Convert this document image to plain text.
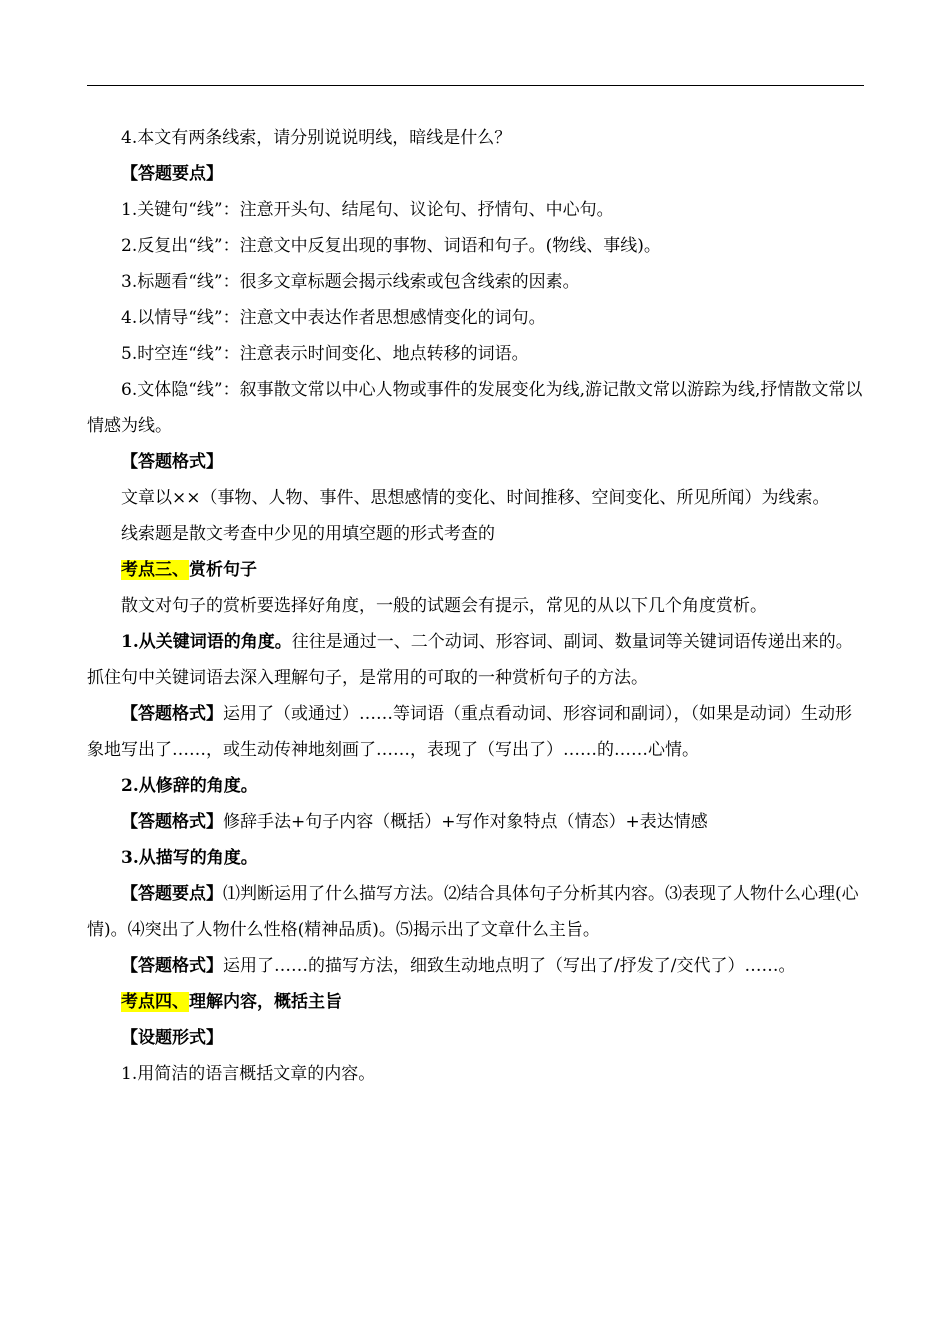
4.本文有两条线索，请分别说说明线，暗线是什么？

【答题要点】

1.关键句“线”：注意开头句、结尾句、议论句、抒情句、中心句。

2.反复出“线”：注意文中反复出现的事物、词语和句子。(物线、事线)。

3.标题看“线”：很多文章标题会揭示线索或包含线索的因素。

4.以情导“线”：注意文中表达作者思想感情变化的词句。

5.时空连“线”：注意表示时间变化、地点转移的词语。

6.文体隐“线”：叙事散文常以中心人物或事件的发展变化为线,游记散文常以游踪为线,抒情散文常以情感为线。

【答题格式】

文章以××（事物、人物、事件、思想感情的变化、时间推移、空间变化、所见所闻）为线索。

线索题是散文考查中少见的用填空题的形式考查的

考点三、赏析句子

散文对句子的赏析要选择好角度，一般的试题会有提示，常见的从以下几个角度赏析。

1.从关键词语的角度。往往是通过一、二个动词、形容词、副词、数量词等关键词语传递出来的。抓住句中关键词语去深入理解句子，是常用的可取的一种赏析句子的方法。

【答题格式】运用了（或通过）……等词语（重点看动词、形容词和副词），（如果是动词）生动形象地写出了……，或生动传神地刻画了……，表现了（写出了）……的……心情。

2.从修辞的角度。

【答题格式】修辞手法+句子内容（概括）+写作对象特点（情态）+表达情感

3.从描写的角度。

【答题要点】⑴判断运用了什么描写方法。⑵结合具体句子分析其内容。⑶表现了人物什么心理(心情)。⑷突出了人物什么性格(精神品质)。⑸揭示出了文章什么主旨。

【答题格式】运用了……的描写方法，细致生动地点明了（写出了/抒发了/交代了）……。

考点四、理解内容，概括主旨

【设题形式】

1.用简洁的语言概括文章的内容。
